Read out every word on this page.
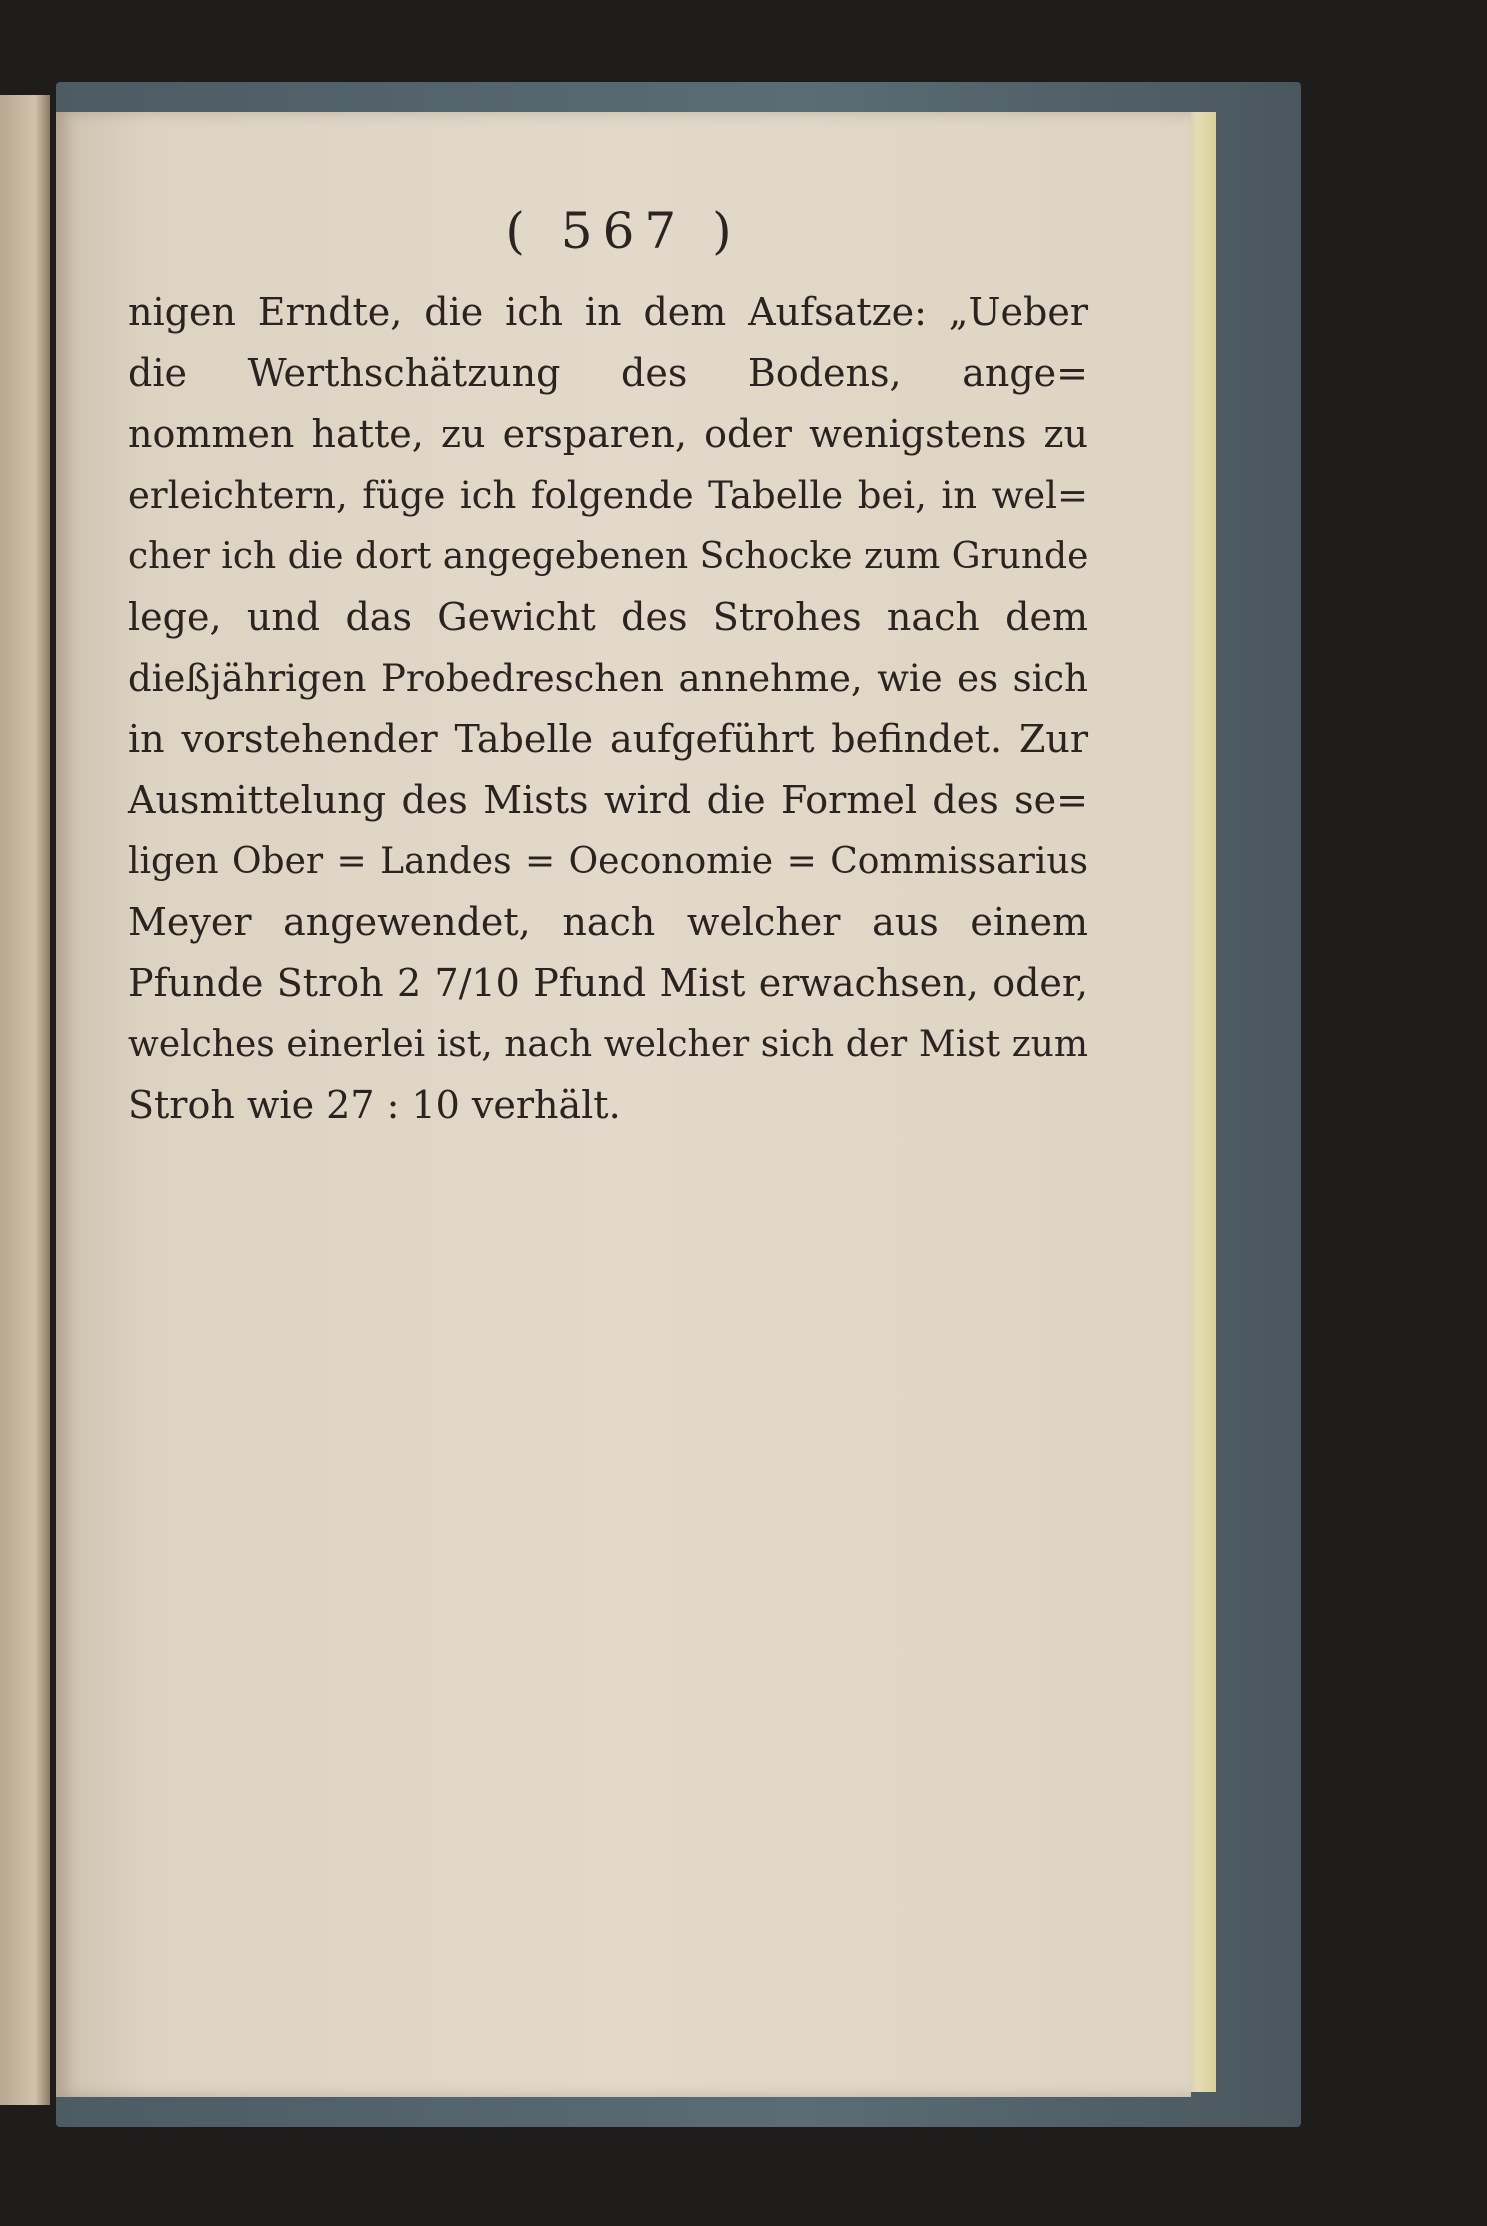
( 567 )
nigen Erndte, die ich in dem Aufsatze: „Ueber
die Werthschätzung des Bodens, ange=
nommen hatte, zu ersparen, oder wenigstens zu
erleichtern, füge ich folgende Tabelle bei, in wel=
cher ich die dort angegebenen Schocke zum Grunde
lege, und das Gewicht des Strohes nach dem
dießjährigen Probedreschen annehme, wie es sich
in vorstehender Tabelle aufgeführt befindet. Zur
Ausmittelung des Mists wird die Formel des se=
ligen Ober = Landes = Oeconomie = Commissarius
Meyer angewendet, nach welcher aus einem
Pfunde Stroh 2 7/10 Pfund Mist erwachsen, oder,
welches einerlei ist, nach welcher sich der Mist zum
Stroh wie 27 : 10 verhält.
